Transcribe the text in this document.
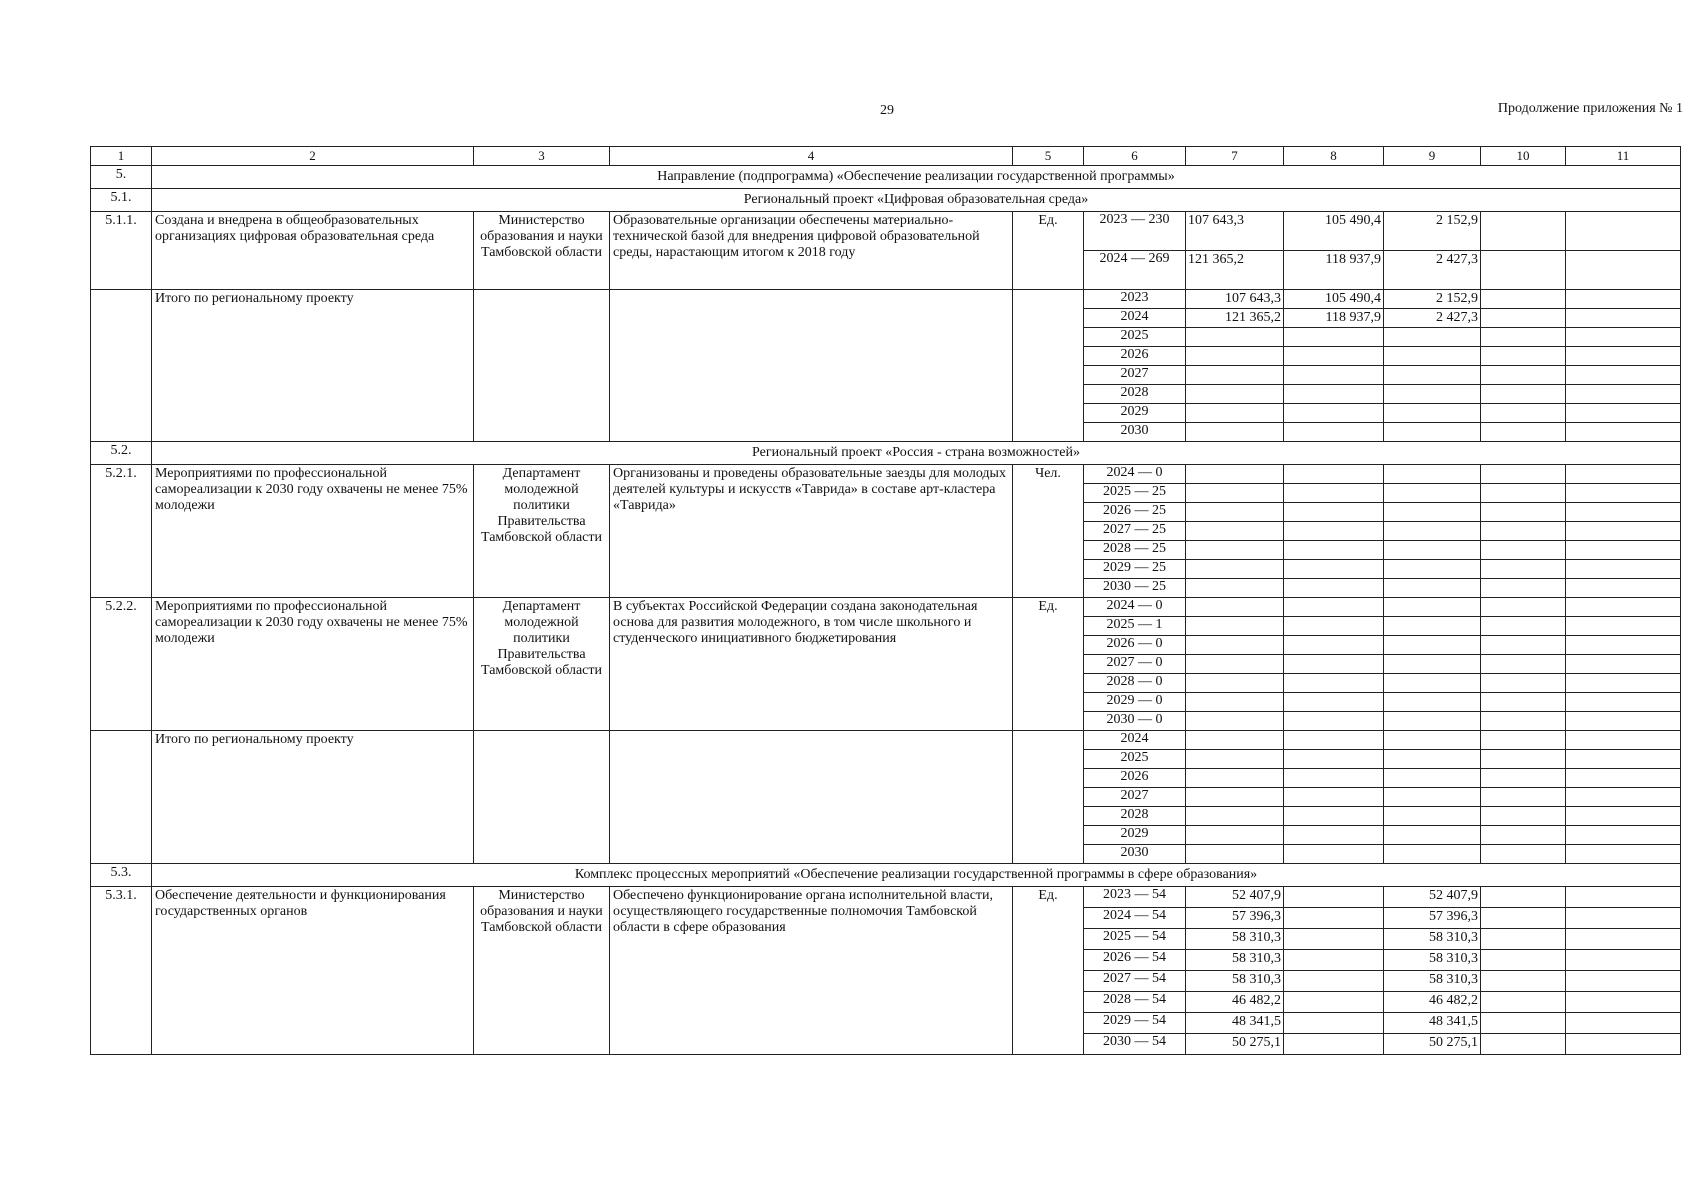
29	Продолжение приложения № 1
1	2	3	4	5	6	7	8	9	10	11
5.	Направление (подпрограмма) «Обеспечение реализации государственной программы»									
5.1.	Региональный проект «Цифровая образовательная среда»									
5.1.1.	Создана и внедрена в общеобразовательных организациях цифровая образовательная среда	Министерство образования и науки Тамбовской области	Образовательные организации обеспечены материально-технической базой для внедрения цифровой образовательной среды, нарастающим итогом к 2018 году	Ед.	2023 — 230	107 643,3	105 490,4	2 152,9		
					2024 — 269	121 365,2	118 937,9	2 427,3		
	Итого по региональному проекту				2023	107 643,3	105 490,4	2 152,9		
					2024	121 365,2	118 937,9	2 427,3		
					2025					
					2026					
					2027					
					2028					
					2029					
					2030					
5.2.	Региональный проект «Россия - страна возможностей»									
5.2.1.	Мероприятиями по профессиональной самореализации к 2030 году охвачены не менее 75% молодежи	Департамент молодежной политики Правительства Тамбовской области	Организованы и проведены образовательные заезды для молодых деятелей культуры и искусств «Таврида» в составе арт-кластера «Таврида»	Чел.	2024 — 0					
					2025 — 25					
					2026 — 25					
					2027 — 25					
					2028 — 25					
					2029 — 25					
					2030 — 25					
5.2.2.	Мероприятиями по профессиональной самореализации к 2030 году охвачены не менее 75% молодежи	Департамент молодежной политики Правительства Тамбовской области	В субъектах Российской Федерации создана законодательная основа для развития молодежного, в том числе школьного и студенческого инициативного бюджетирования	Ед.	2024 — 0					
					2025 — 1					
					2026 — 0					
					2027 — 0					
					2028 — 0					
					2029 — 0					
					2030 — 0					
	Итого по региональному проекту				2024					
					2025					
					2026					
					2027					
					2028					
					2029					
					2030					
5.3.	Комплекс процессных мероприятий «Обеспечение реализации государственной программы в сфере образования»									
5.3.1.	Обеспечение деятельности и функционирования государственных органов	Министерство образования и науки Тамбовской области	Обеспечено функционирование органа исполнительной власти, осуществляющего государственные полномочия Тамбовской области в сфере образования	Ед.	2023 — 54	52 407,9		52 407,9		
					2024 — 54	57 396,3		57 396,3		
					2025 — 54	58 310,3		58 310,3		
					2026 — 54	58 310,3		58 310,3		
					2027 — 54	58 310,3		58 310,3		
					2028 — 54	46 482,2		46 482,2		
					2029 — 54	48 341,5		48 341,5		
					2030 — 54	50 275,1		50 275,1		
